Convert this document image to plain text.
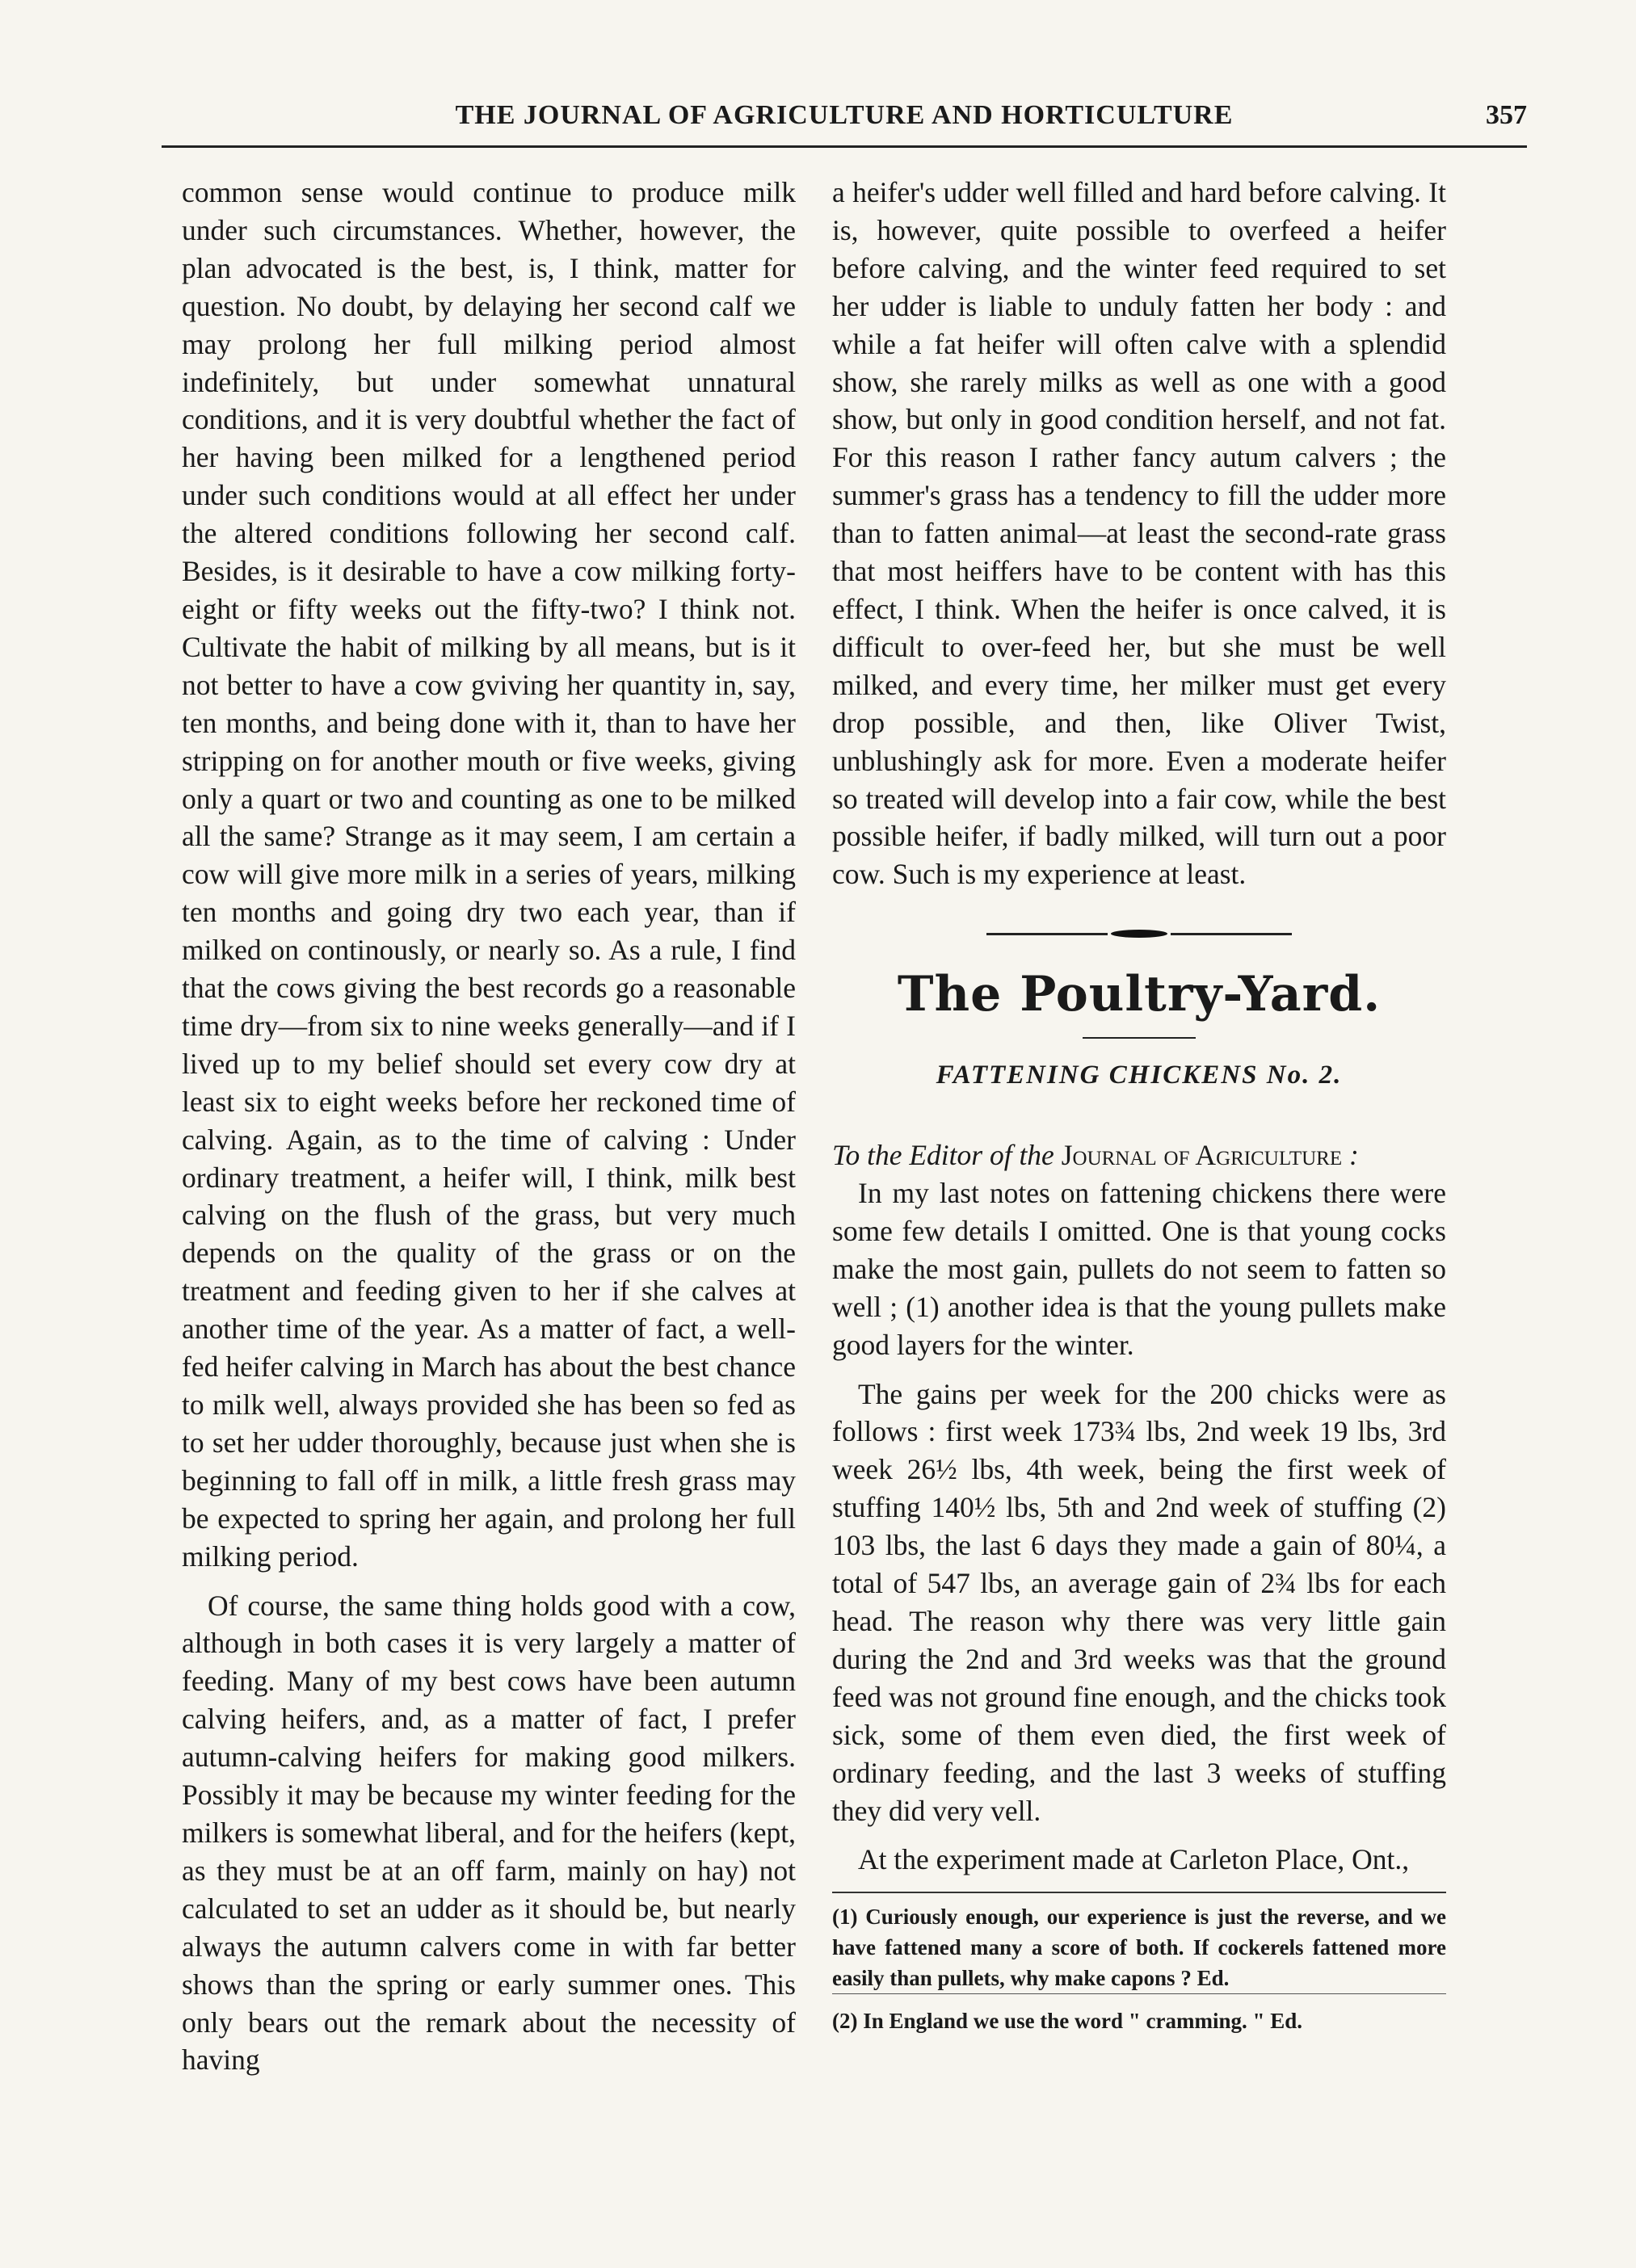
THE JOURNAL OF AGRICULTURE AND HORTICULTURE	357

common sense would continue to produce milk under such circumstances. Whether, however, the plan advocated is the best, is, I think, matter for question. No doubt, by delaying her second calf we may prolong her full milking period almost indefinitely, but under somewhat unnatural conditions, and it is very doubtful whether the fact of her having been milked for a lengthened period under such conditions would at all effect her under the altered conditions following her second calf. Besides, is it desirable to have a cow milking forty-eight or fifty weeks out the fifty-two? I think not. Cultivate the habit of milking by all means, but is it not better to have a cow gviving her quantity in, say, ten months, and being done with it, than to have her stripping on for another mouth or five weeks, giving only a quart or two and counting as one to be milked all the same? Strange as it may seem, I am certain a cow will give more milk in a series of years, milking ten months and going dry two each year, than if milked on continously, or nearly so. As a rule, I find that the cows giving the best records go a reasonable time dry—from six to nine weeks generally—and if I lived up to my belief should set every cow dry at least six to eight weeks before her reckoned time of calving. Again, as to the time of calving : Under ordinary treatment, a heifer will, I think, milk best calving on the flush of the grass, but very much depends on the quality of the grass or on the treatment and feeding given to her if she calves at another time of the year. As a matter of fact, a well-fed heifer calving in March has about the best chance to milk well, always provided she has been so fed as to set her udder thoroughly, because just when she is beginning to fall off in milk, a little fresh grass may be expected to spring her again, and prolong her full milking period.

Of course, the same thing holds good with a cow, although in both cases it is very largely a matter of feeding. Many of my best cows have been autumn calving heifers, and, as a matter of fact, I prefer autumn-calving heifers for making good milkers. Possibly it may be because my winter feeding for the milkers is somewhat liberal, and for the heifers (kept, as they must be at an off farm, mainly on hay) not calculated to set an udder as it should be, but nearly always the autumn calvers come in with far better shows than the spring or early summer ones. This only bears out the remark about the necessity of having

a heifer's udder well filled and hard before calving. It is, however, quite possible to overfeed a heifer before calving, and the winter feed required to set her udder is liable to unduly fatten her body : and while a fat heifer will often calve with a splendid show, she rarely milks as well as one with a good show, but only in good condition herself, and not fat. For this reason I rather fancy autum calvers ; the summer's grass has a tendency to fill the udder more than to fatten animal—at least the second-rate grass that most heiffers have to be content with has this effect, I think. When the heifer is once calved, it is difficult to over-feed her, but she must be well milked, and every time, her milker must get every drop possible, and then, like Oliver Twist, unblushingly ask for more. Even a moderate heifer so treated will develop into a fair cow, while the best possible heifer, if badly milked, will turn out a poor cow. Such is my experience at least.

The Poultry-Yard.
FATTENING CHICKENS No. 2.

To the Editor of the Journal of Agriculture :

In my last notes on fattening chickens there were some few details I omitted. One is that young cocks make the most gain, pullets do not seem to fatten so well ; (1) another idea is that the young pullets make good layers for the winter.

The gains per week for the 200 chicks were as follows : first week 173¾ lbs, 2nd week 19 lbs, 3rd week 26½ lbs, 4th week, being the first week of stuffing 140½ lbs, 5th and 2nd week of stuffing (2) 103 lbs, the last 6 days they made a gain of 80¼, a total of 547 lbs, an average gain of 2¾ lbs for each head. The reason why there was very little gain during the 2nd and 3rd weeks was that the ground feed was not ground fine enough, and the chicks took sick, some of them even died, the first week of ordinary feeding, and the last 3 weeks of stuffing they did very vell.

At the experiment made at Carleton Place, Ont.,

(1) Curiously enough, our experience is just the reverse, and we have fattened many a score of both. If cockerels fattened more easily than pullets, why make capons ? Ed.

(2) In England we use the word " cramming. " Ed.
